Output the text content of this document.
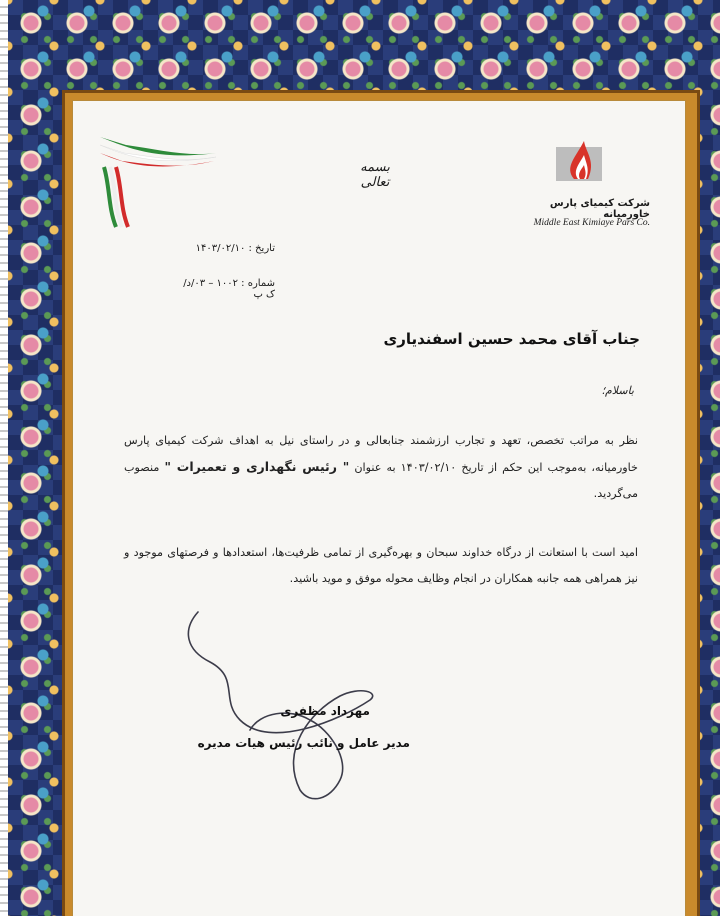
شرکت کیمیای پارس خاورمیانه
Middle East Kimiaye Pars Co.
بسمه تعالی
تاریخ : ۱۴۰۳/۰۲/۱۰
شماره : ۱۰۰۲ – ۰۳/د/ک پ
جناب آقای محمد حسین اسفندیاری
باسلام؛
نظر به مراتب تخصص، تعهد و تجارب ارزشمند جنابعالی و در راستای نیل به اهداف شرکت کیمیای پارس خاورمیانه، به‌موجب این حکم از تاریخ ۱۴۰۳/۰۲/۱۰ به عنوان " رئیس نگهداری و تعمیرات " منصوب می‌گردید.
امید است با استعانت از درگاه خداوند سبحان و بهره‌گیری از تمامی ظرفیت‌ها، استعدادها و فرصتهای موجود و نیز همراهی همه جانبه همکاران در انجام وظایف محوله موفق و موید باشید.
مهرداد مظفری
مدیر عامل و نائب رئیس هیات مدیره
